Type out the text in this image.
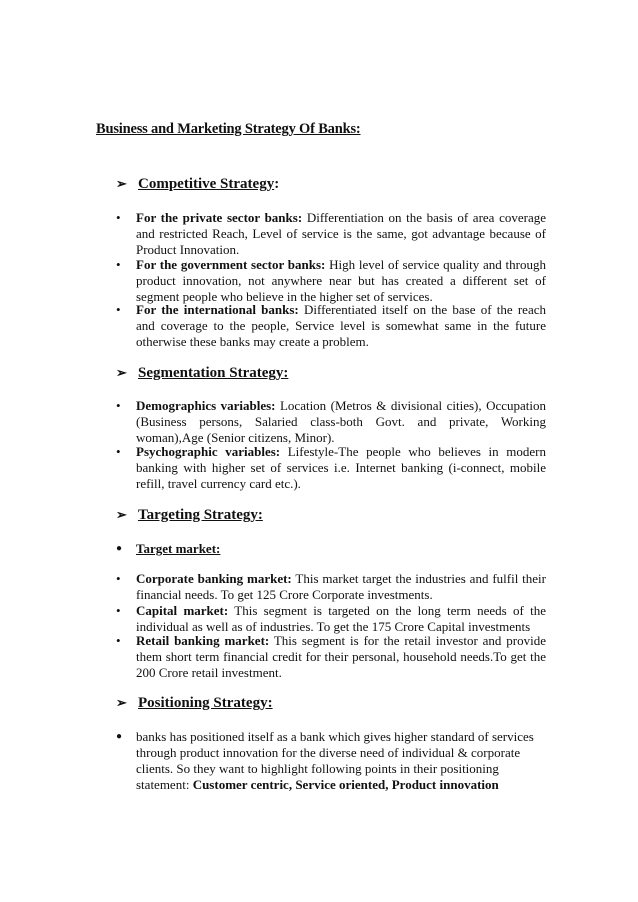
Business and Marketing Strategy Of Banks:
➢ Competitive Strategy :
•	For the private sector banks: Differentiation on the basis of area coverage and restricted Reach, Level of service is the same, got advantage because of Product Innovation.
•	For the government sector banks: High level of service quality and through product innovation, not anywhere near but has created a different set of segment people who believe in the higher set of services.
•	For the international banks: Differentiated itself on the base of the reach and coverage to the people, Service level is somewhat same in the future otherwise these banks may create a problem.
➢ Segmentation Strategy:
•	Demographics variables: Location (Metros & divisional cities), Occupation (Business persons, Salaried class-both Govt. and private, Working woman),Age (Senior citizens, Minor).
•	Psychographic variables: Lifestyle-The people who believes in modern banking with higher set of services i.e. Internet banking (i-connect, mobile refill, travel currency card etc.).
➢ Targeting Strategy:
●	Target market:
•	Corporate banking market: This market target the industries and fulfil their financial needs. To get 125 Crore Corporate investments.
•	Capital market: This segment is targeted on the long term needs of the individual as well as of industries. To get the 175 Crore Capital investments
•	Retail banking market: This segment is for the retail investor and provide them short term financial credit for their personal, household needs.To get the 200 Crore retail investment.
➢ Positioning Strategy:
●	banks has positioned itself as a bank which gives higher standard of services through product innovation for the diverse need of individual & corporate clients. So they want to highlight following points in their positioning statement: Customer centric, Service oriented, Product innovation
